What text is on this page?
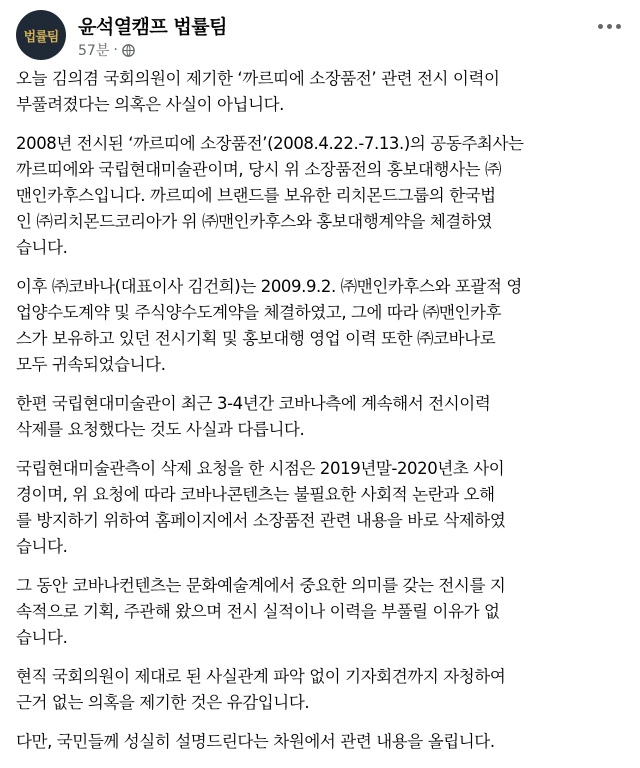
법률팀 윤석열캠프 법률팀
57분 ·

오늘 김의겸 국회의원이 제기한 ‘까르띠에 소장품전’ 관련 전시 이력이
부풀려졌다는 의혹은 사실이 아닙니다.

2008년 전시된 ‘까르띠에 소장품전’(2008.4.22.-7.13.)의 공동주최사는
까르띠에와 국립현대미술관이며, 당시 위 소장품전의 홍보대행사는 ㈜
맨인카후스입니다. 까르띠에 브랜드를 보유한 리치몬드그룹의 한국법
인 ㈜리치몬드코리아가 위 ㈜맨인카후스와 홍보대행계약을 체결하였
습니다.

이후 ㈜코바나(대표이사 김건희)는 2009.9.2. ㈜맨인카후스와 포괄적 영
업양수도계약 및 주식양수도계약을 체결하였고, 그에 따라 ㈜맨인카후
스가 보유하고 있던 전시기획 및 홍보대행 영업 이력 또한 ㈜코바나로
모두 귀속되었습니다.

한편 국립현대미술관이 최근 3-4년간 코바나측에 계속해서 전시이력
삭제를 요청했다는 것도 사실과 다릅니다.

국립현대미술관측이 삭제 요청을 한 시점은 2019년말-2020년초 사이
경이며, 위 요청에 따라 코바나콘텐츠는 불필요한 사회적 논란과 오해
를 방지하기 위하여 홈페이지에서 소장품전 관련 내용을 바로 삭제하였
습니다.

그 동안 코바나컨텐츠는 문화예술계에서 중요한 의미를 갖는 전시를 지
속적으로 기획, 주관해 왔으며 전시 실적이나 이력을 부풀릴 이유가 없
습니다.

현직 국회의원이 제대로 된 사실관계 파악 없이 기자회견까지 자청하여
근거 없는 의혹을 제기한 것은 유감입니다.

다만, 국민들께 성실히 설명드린다는 차원에서 관련 내용을 올립니다.
